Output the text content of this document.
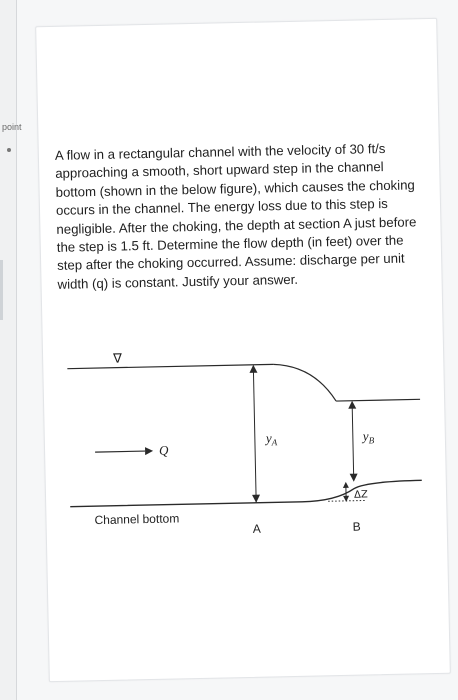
point

A flow in a rectangular channel with the velocity of 30 ft/s approaching a smooth, short upward step in the channel bottom (shown in the below figure), which causes the choking occurs in the channel. The energy loss due to this step is negligible. After the choking, the depth at section A just before the step is 1.5 ft. Determine the flow depth (in feet) over the step after the choking occurred. Assume: discharge per unit width (q) is constant. Justify your answer.

∇
Q
$y_A$	$y_B$
ΔZ
Channel bottom
A	B
